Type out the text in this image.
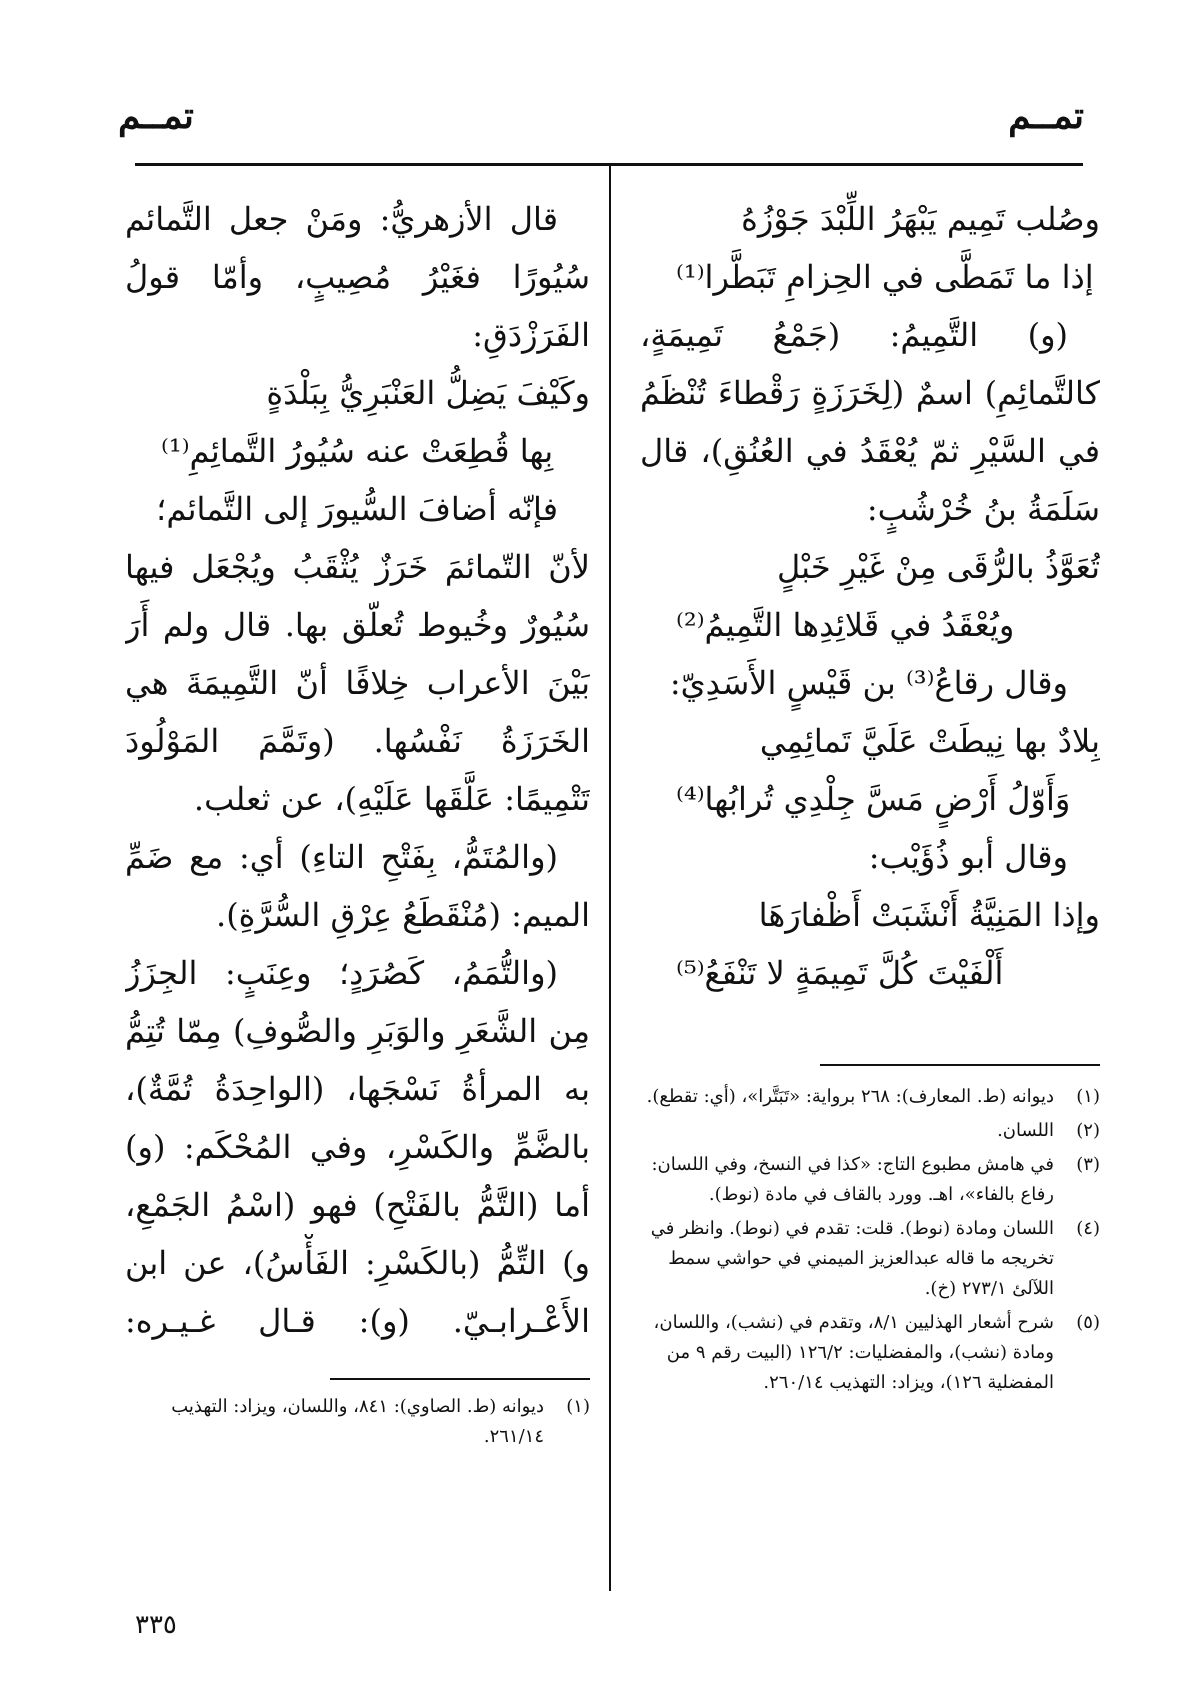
تمــم
تمــم
وصُلب تَمِيم يَبْهَرُ اللِّبْدَ جَوْزُهُ
إذا ما تَمَطَّى في الحِزامِ تَبَطَّرا⁽¹⁾
(و) التَّمِيمُ: (جَمْعُ تَمِيمَةٍ،
كالتَّمائِمِ) اسمٌ (لِخَرَزَةٍ رَقْطاءَ تُنْظَمُ
في السَّيْرِ ثمّ يُعْقَدُ في العُنُقِ)، قال
سَلَمَةُ بنُ خُرْشُبٍ:
تُعَوَّذُ بالرُّقَى مِنْ غَيْرِ خَبْلٍ
ويُعْقَدُ في قَلائِدِها التَّمِيمُ⁽²⁾
وقال رقاعُ⁽³⁾ بن قَيْسٍ الأَسَدِيّ:
بِلادٌ بها نِيطَتْ عَلَيَّ تَمائِمِي
وَأَوّلُ أَرْضٍ مَسَّ جِلْدِي تُرابُها⁽⁴⁾
وقال أبو ذُؤَيْب:
وإذا المَنِيَّةُ أَنْشَبَتْ أَظْفارَهَا
أَلْفَيْتَ كُلَّ تَمِيمَةٍ لا تَنْفَعُ⁽⁵⁾
(١)
ديوانه (ط. المعارف): ٢٦٨ برواية: «تَبَتَّرا»، (أي: تقطع).
(٢)
اللسان.
(٣)
في هامش مطبوع التاج: «كذا في النسخ، وفي اللسان: رفاع بالفاء»، اهـ. وورد بالقاف في مادة (نوط).
(٤)
اللسان ومادة (نوط). قلت: تقدم في (نوط). وانظر في تخريجه ما قاله عبدالعزيز الميمني في حواشي سمط اللآلئ ٢٧٣/١ (خ).
(٥)
شرح أشعار الهذليين ٨/١، وتقدم في (نشب)، واللسان، ومادة (نشب)، والمفضليات: ١٢٦/٢ (البيت رقم ٩ من المفضلية ١٢٦)، ويزاد: التهذيب ٢٦٠/١٤.
قال الأزهريُّ: ومَنْ جعل التَّمائم
سُيُورًا فغَيْرُ مُصِيبٍ، وأمّا قولُ
الفَرَزْدَقِ:
وكَيْفَ يَضِلُّ العَنْبَرِيُّ بِبَلْدَةٍ
بِها قُطِعَتْ عنه سُيُورُ التَّمائِمِ⁽¹⁾
فإنّه أضافَ السُّيورَ إلى التَّمائم؛
لأنّ التّمائمَ خَرَزٌ يُثْقَبُ ويُجْعَل فيها
سُيُورٌ وخُيوط تُعلّق بها. قال ولم أَرَ
بَيْنَ الأعراب خِلافًا أنّ التَّمِيمَةَ هي
الخَرَزَةُ نَفْسُها. (وتَمَّمَ المَوْلُودَ
تَتْمِيمًا: عَلَّقَها عَلَيْهِ)، عن ثعلب.
(والمُتَمُّ، بِفَتْحِ التاءِ) أي: مع ضَمِّ
الميم: (مُنْقَطَعُ عِرْقِ السُّرَّةِ).
(والتُّمَمُ، كَصُرَدٍ؛ وعِنَبٍ: الجِزَزُ
مِن الشَّعَرِ والوَبَرِ والصُّوفِ) مِمّا تُتِمُّ
به المرأةُ نَسْجَها، (الواحِدَةُ تُمَّةٌ)،
بالضَّمِّ والكَسْرِ، وفي المُحْكَم: (و)
أما (التَّمُّ بالفَتْحِ) فهو (اسْمُ الجَمْعِ،
و) التِّمُّ (بالكَسْرِ: الفَأْسُ)، عن ابن
الأَعْـرابـيّ. (و): قـال غـيـره:
(١)
ديوانه (ط. الصاوي): ٨٤١، واللسان، ويزاد: التهذيب ٢٦١/١٤.
٣٣٥
